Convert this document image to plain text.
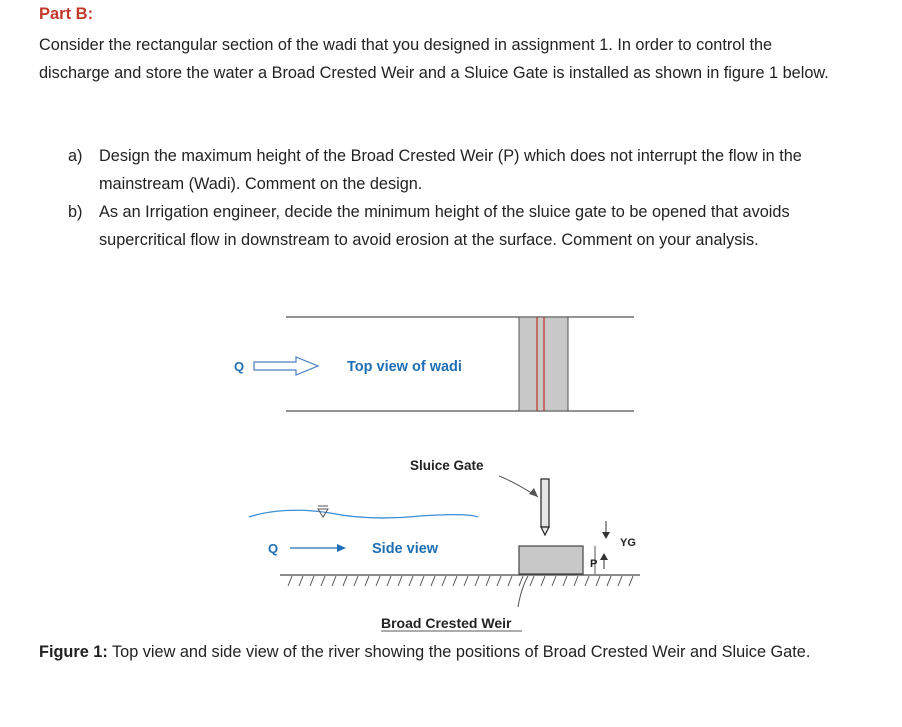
Part B:
Consider the rectangular section of the wadi that you designed in assignment 1. In order to control the discharge and store the water a Broad Crested Weir and a Sluice Gate is installed as shown in figure 1 below.
a)	Design the maximum height of the Broad Crested Weir (P) which does not interrupt the flow in the mainstream (Wadi). Comment on the design.
b)	As an Irrigation engineer, decide the minimum height of the sluice gate to be opened that avoids supercritical flow in downstream to avoid erosion at the surface. Comment on your analysis.
Q	Top view of wadi
Sluice Gate
Q	Side view
P
YG
Broad Crested Weir
Figure 1: Top view and side view of the river showing the positions of Broad Crested Weir and Sluice Gate.
